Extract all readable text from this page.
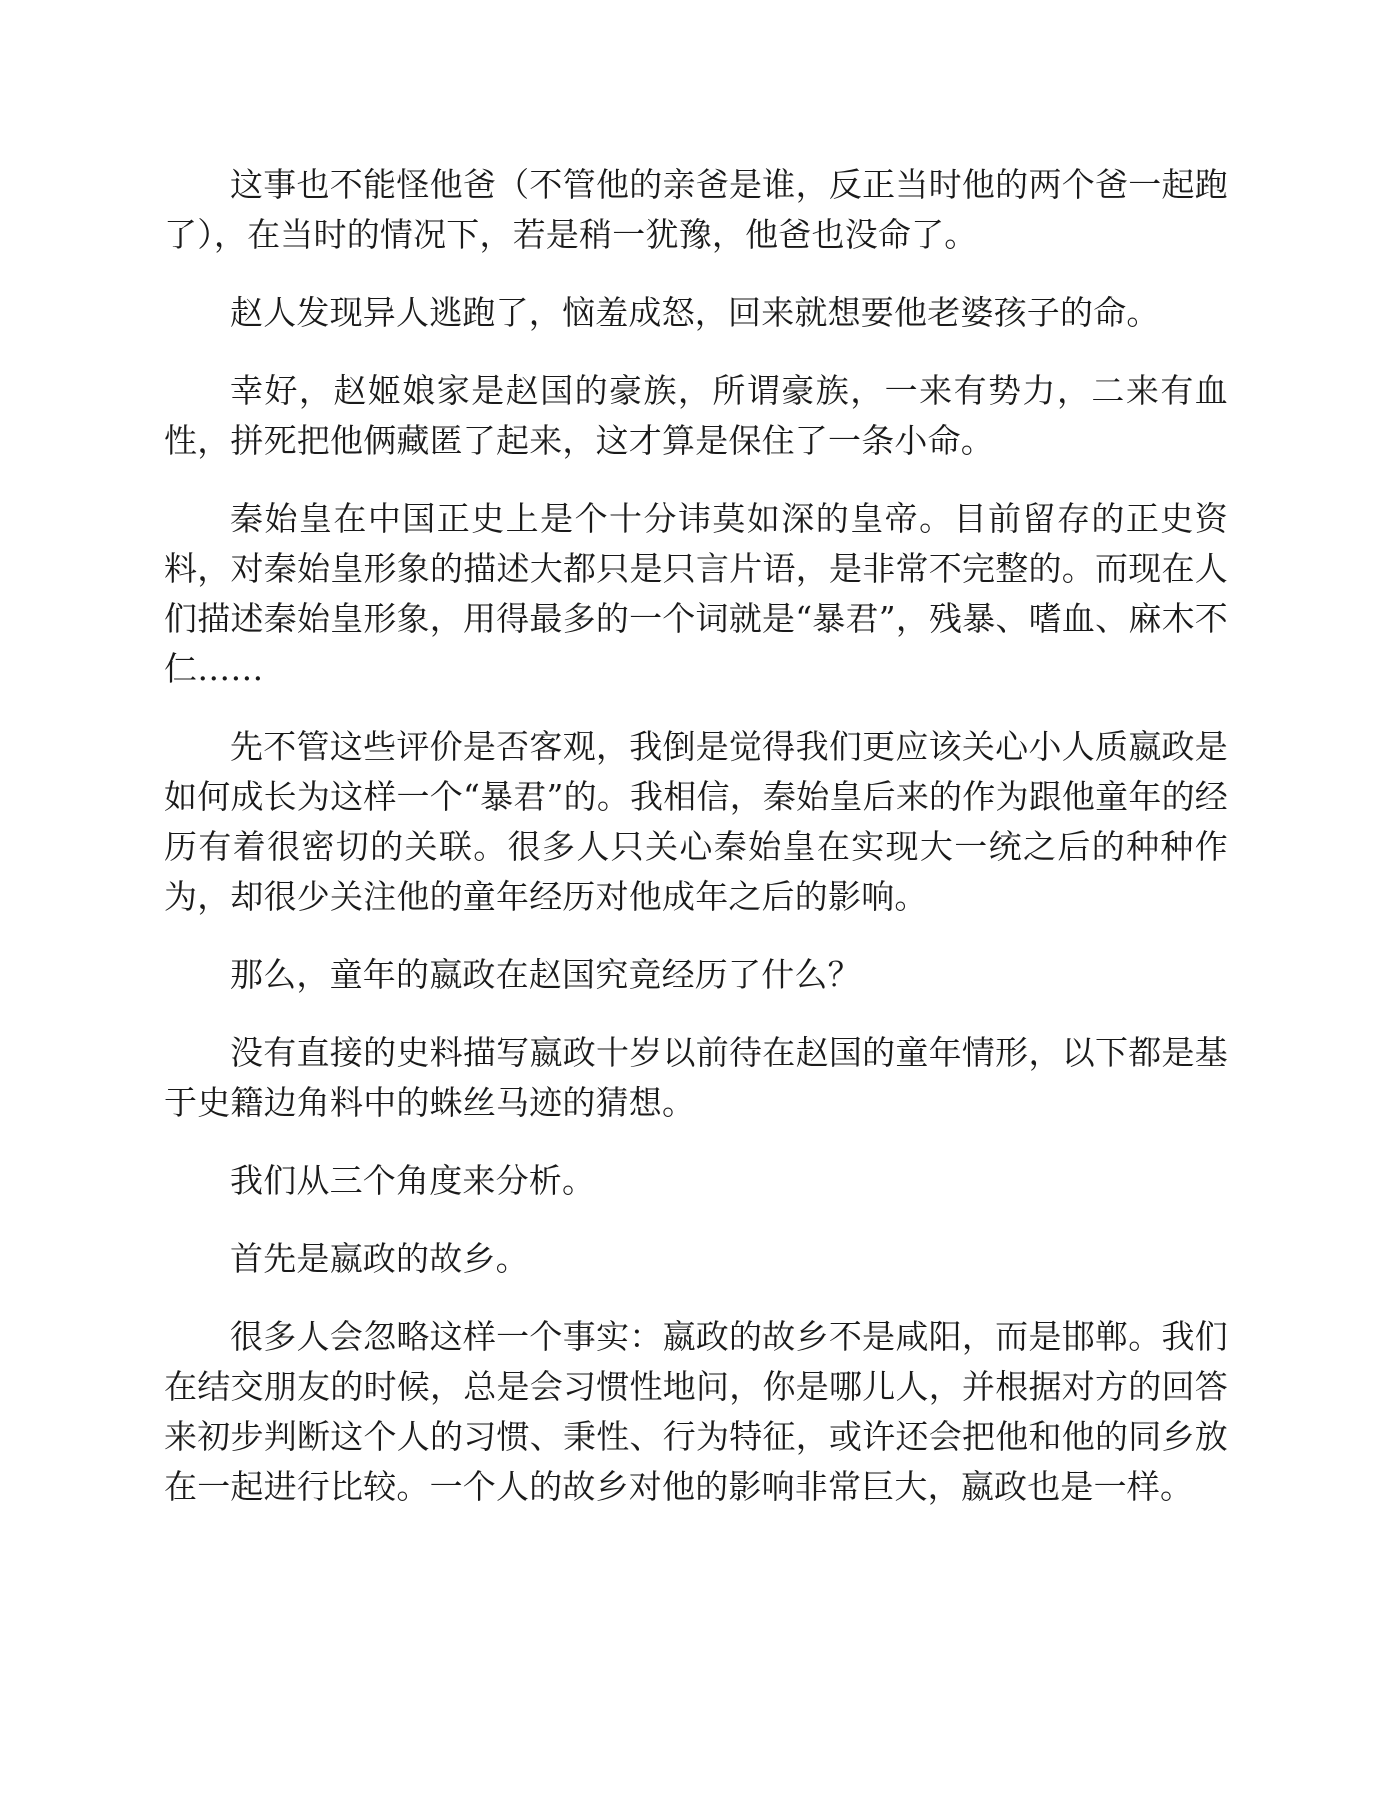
这事也不能怪他爸（不管他的亲爸是谁，反正当时他的两个爸一起跑了），在当时的情况下，若是稍一犹豫，他爸也没命了。

赵人发现异人逃跑了，恼羞成怒，回来就想要他老婆孩子的命。

幸好，赵姬娘家是赵国的豪族，所谓豪族，一来有势力，二来有血性，拼死把他俩藏匿了起来，这才算是保住了一条小命。

秦始皇在中国正史上是个十分讳莫如深的皇帝。目前留存的正史资料，对秦始皇形象的描述大都只是只言片语，是非常不完整的。而现在人们描述秦始皇形象，用得最多的一个词就是“暴君”，残暴、嗜血、麻木不仁……

先不管这些评价是否客观，我倒是觉得我们更应该关心小人质嬴政是如何成长为这样一个“暴君”的。我相信，秦始皇后来的作为跟他童年的经历有着很密切的关联。很多人只关心秦始皇在实现大一统之后的种种作为，却很少关注他的童年经历对他成年之后的影响。

那么，童年的嬴政在赵国究竟经历了什么？

没有直接的史料描写嬴政十岁以前待在赵国的童年情形，以下都是基于史籍边角料中的蛛丝马迹的猜想。

我们从三个角度来分析。

首先是嬴政的故乡。

很多人会忽略这样一个事实：嬴政的故乡不是咸阳，而是邯郸。我们在结交朋友的时候，总是会习惯性地问，你是哪儿人，并根据对方的回答来初步判断这个人的习惯、秉性、行为特征，或许还会把他和他的同乡放在一起进行比较。一个人的故乡对他的影响非常巨大，嬴政也是一样。
